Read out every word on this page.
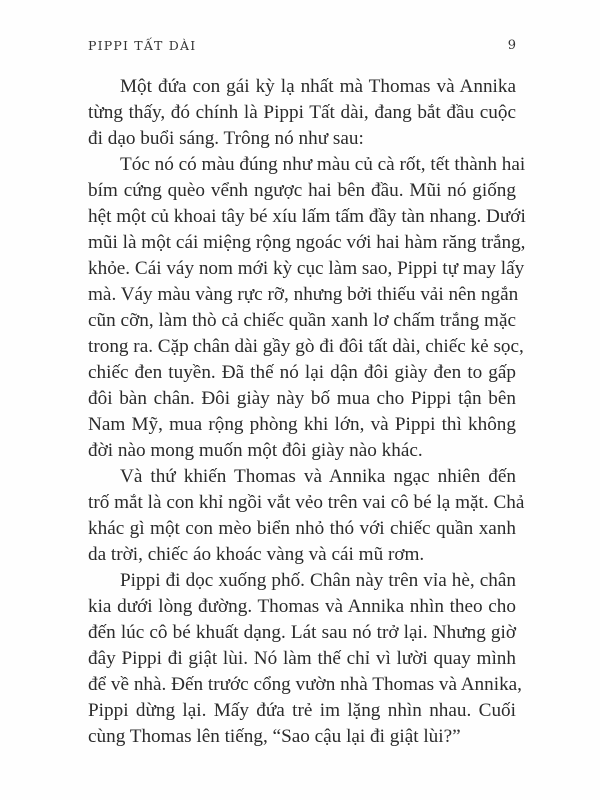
PIPPI TẤT DÀI	9
Một đứa con gái kỳ lạ nhất mà Thomas và Annika
từng thấy, đó chính là Pippi Tất dài, đang bắt đầu cuộc
đi dạo buổi sáng. Trông nó như sau:
Tóc nó có màu đúng như màu củ cà rốt, tết thành hai
bím cứng quèo vểnh ngược hai bên đầu. Mũi nó giống
hệt một củ khoai tây bé xíu lấm tấm đầy tàn nhang. Dưới
mũi là một cái miệng rộng ngoác với hai hàm răng trắng,
khỏe. Cái váy nom mới kỳ cục làm sao, Pippi tự may lấy
mà. Váy màu vàng rực rỡ, nhưng bởi thiếu vải nên ngắn
cũn cỡn, làm thò cả chiếc quần xanh lơ chấm trắng mặc
trong ra. Cặp chân dài gầy gò đi đôi tất dài, chiếc kẻ sọc,
chiếc đen tuyền. Đã thế nó lại dận đôi giày đen to gấp
đôi bàn chân. Đôi giày này bố mua cho Pippi tận bên
Nam Mỹ, mua rộng phòng khi lớn, và Pippi thì không
đời nào mong muốn một đôi giày nào khác.
Và thứ khiến Thomas và Annika ngạc nhiên đến
trố mắt là con khỉ ngồi vắt vẻo trên vai cô bé lạ mặt. Chả
khác gì một con mèo biển nhỏ thó với chiếc quần xanh
da trời, chiếc áo khoác vàng và cái mũ rơm.
Pippi đi dọc xuống phố. Chân này trên vỉa hè, chân
kia dưới lòng đường. Thomas và Annika nhìn theo cho
đến lúc cô bé khuất dạng. Lát sau nó trở lại. Nhưng giờ
đây Pippi đi giật lùi. Nó làm thế chỉ vì lười quay mình
để về nhà. Đến trước cổng vườn nhà Thomas và Annika,
Pippi dừng lại. Mấy đứa trẻ im lặng nhìn nhau. Cuối
cùng Thomas lên tiếng, “Sao cậu lại đi giật lùi?”
